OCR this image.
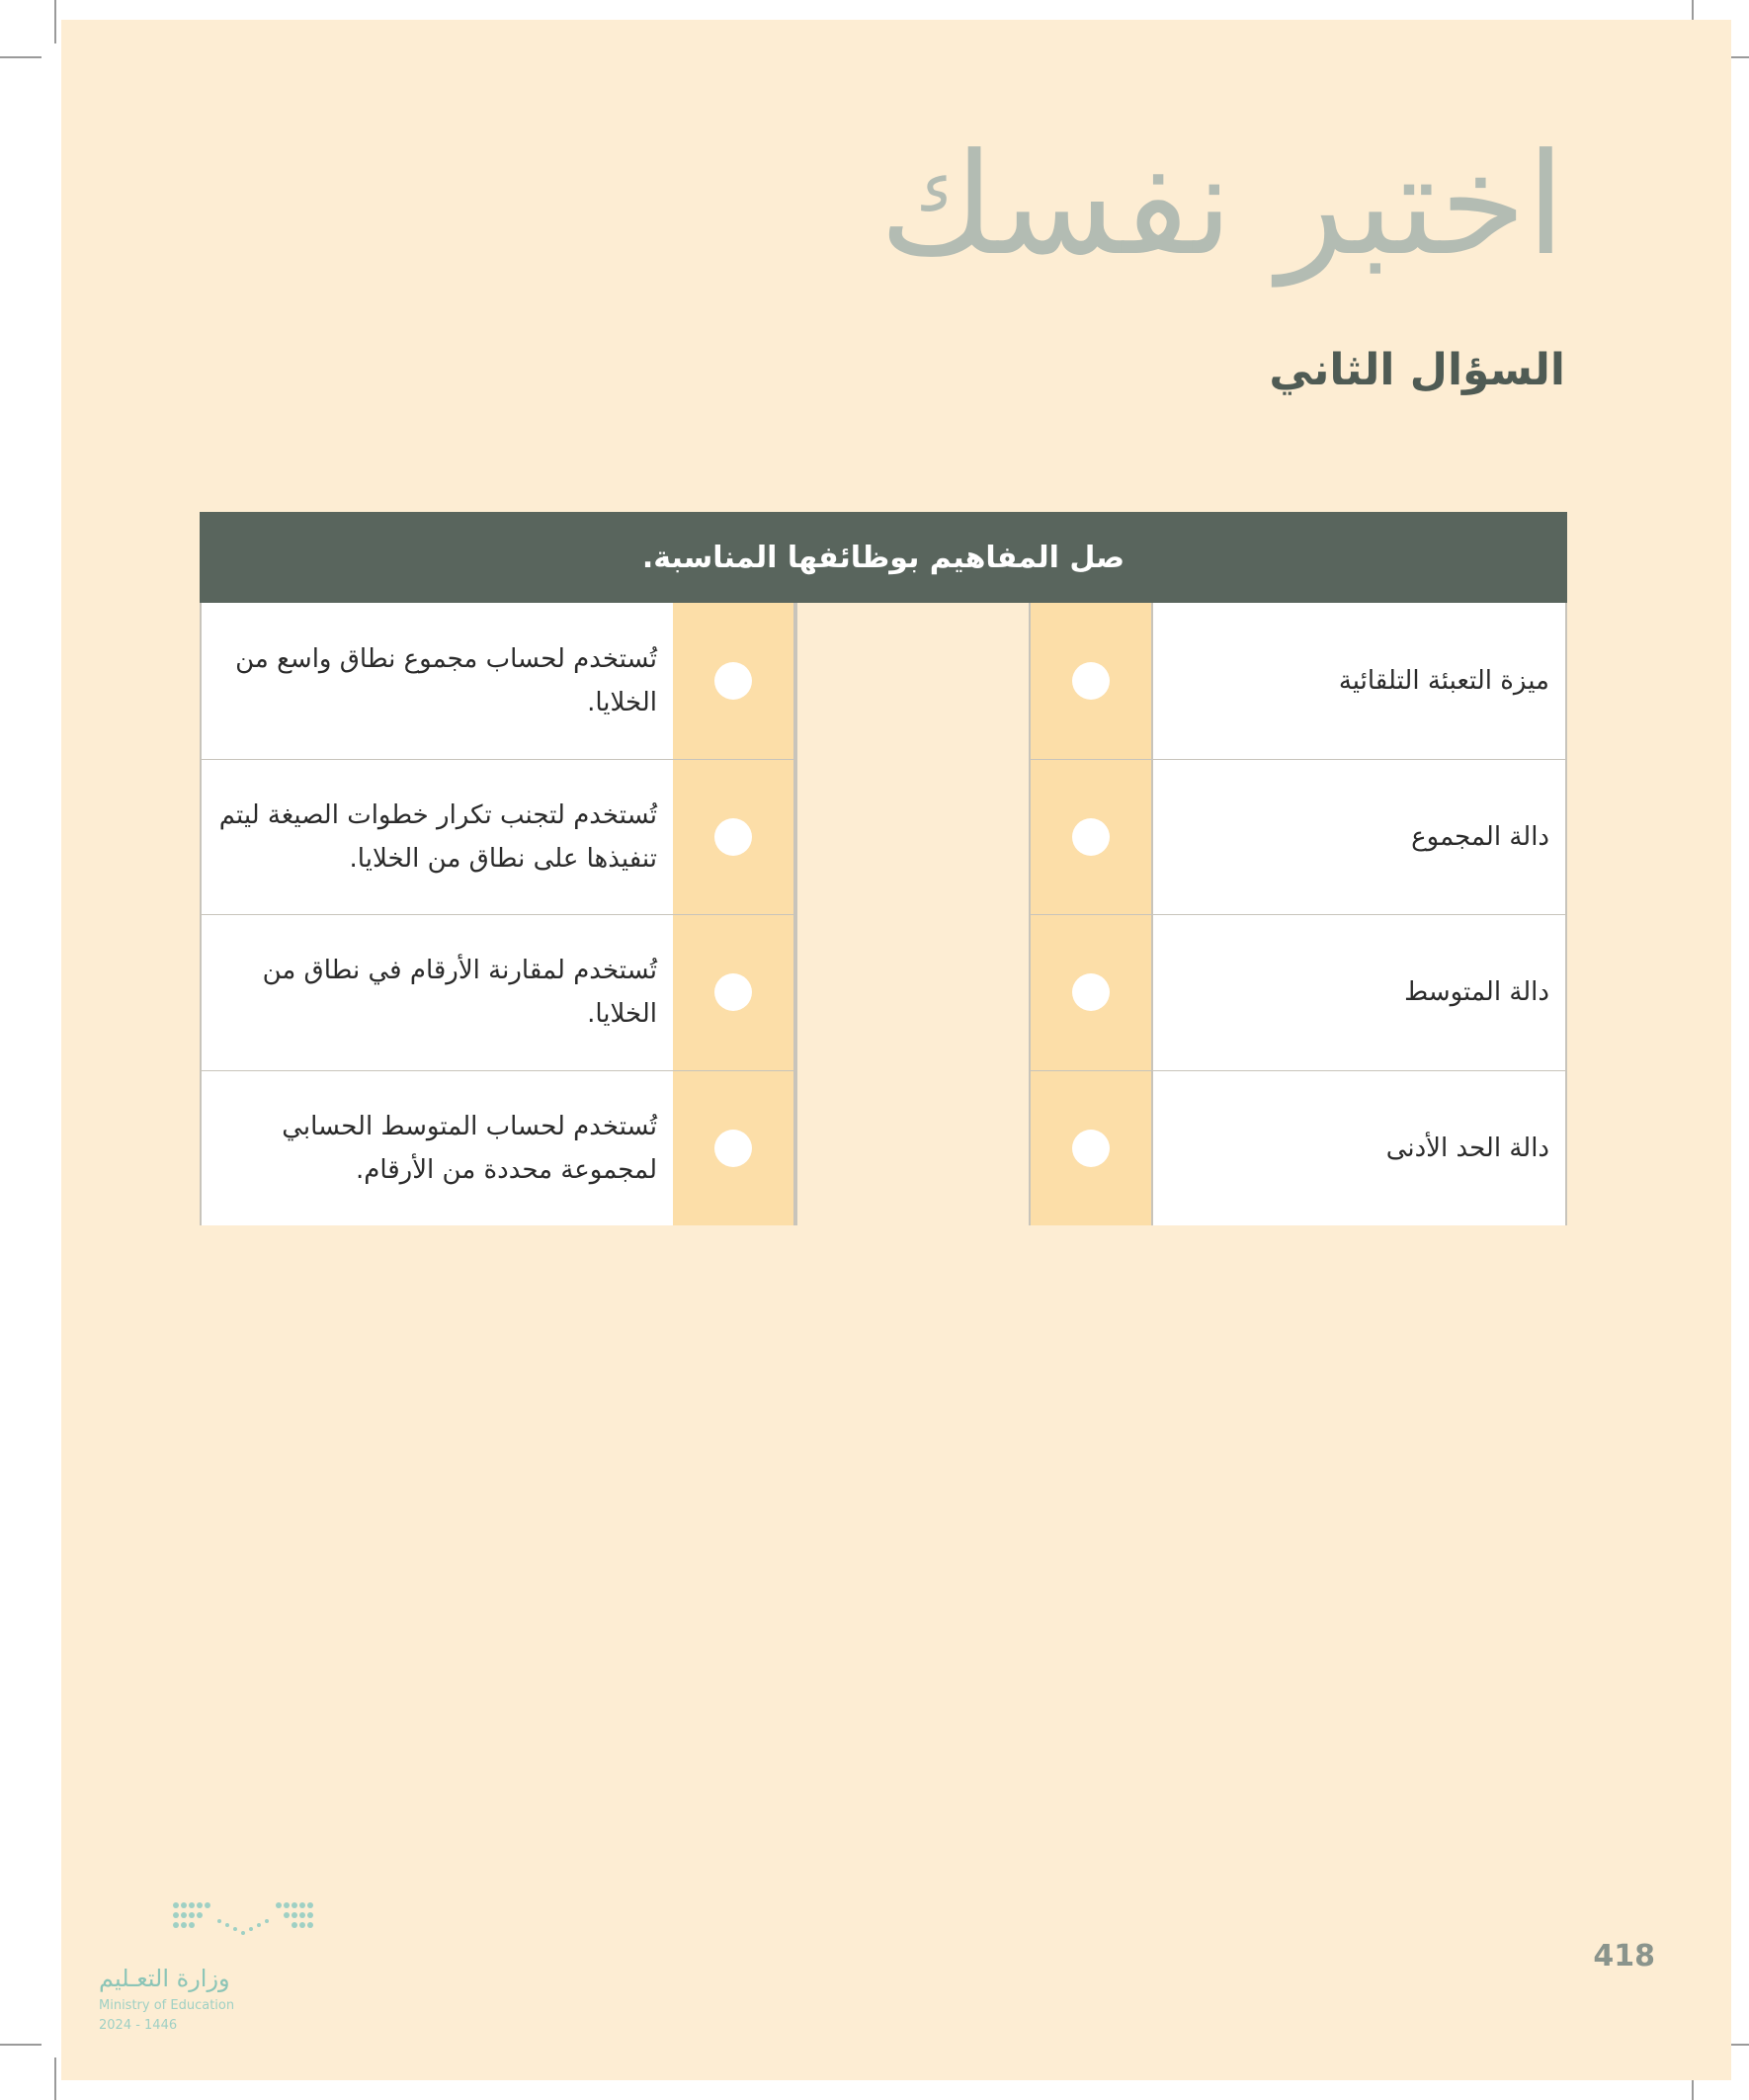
اختبر نفسك
السؤال الثاني
صل المفاهيم بوظائفها المناسبة.
ميزة التعبئة التلقائية
دالة المجموع
دالة المتوسط
دالة الحد الأدنى
تُستخدم لحساب مجموع نطاق واسع من الخلايا.
تُستخدم لتجنب تكرار خطوات الصيغة ليتم تنفيذها على نطاق من الخلايا.
تُستخدم لمقارنة الأرقام في نطاق من الخلايا.
تُستخدم لحساب المتوسط الحسابي لمجموعة محددة من الأرقام.
وزارة التعـليم
Ministry of Education
2024 - 1446
418
